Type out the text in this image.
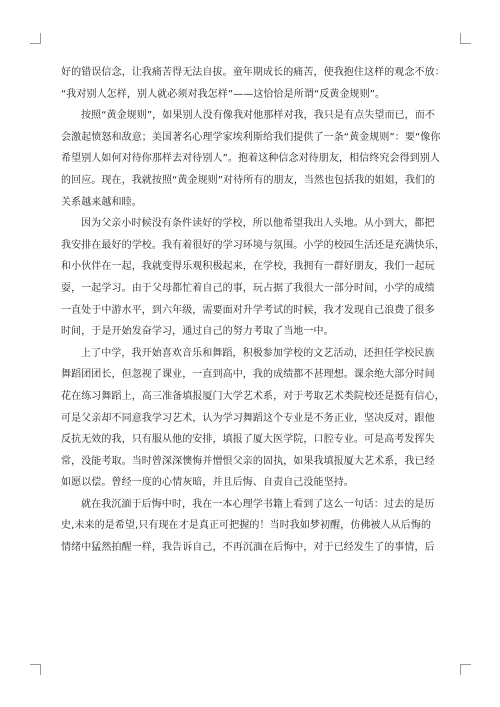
好的错误信念，让我痛苦得无法自拔。童年期成长的痛苦，使我抱住这样的观念不放：
“我对别人怎样，别人就必须对我怎样”——这恰恰是所谓“反黄金规则”。
按照“黄金规则”，如果别人没有像我对他那样对我，我只是有点失望而已，而不
会激起愤怒和敌意；美国著名心理学家埃利斯给我们提供了一条“黄金规则”：要“像你
希望别人如何对待你那样去对待别人”。抱着这种信念对待朋友，相信终究会得到别人
的回应。现在，我就按照“黄金规则”对待所有的朋友，当然也包括我的姐姐，我们的
关系越来越和睦。
因为父亲小时候没有条件读好的学校，所以他希望我出人头地。从小到大，都把
我安排在最好的学校。我有着很好的学习环境与氛围。小学的校园生活还是充满快乐，
和小伙伴在一起，我就变得乐观积极起来，在学校，我拥有一群好朋友，我们一起玩
耍，一起学习。由于父母都忙着自己的事，玩占据了我很大一部分时间，小学的成绩
一直处于中游水平，到六年级，需要面对升学考试的时候，我才发现自己浪费了很多
时间，于是开始发奋学习，通过自己的努力考取了当地一中。
上了中学，我开始喜欢音乐和舞蹈，积极参加学校的文艺活动，还担任学校民族
舞蹈团团长，但忽视了课业，一直到高中，我的成绩都不甚理想。课余绝大部分时间
花在练习舞蹈上，高三准备填报厦门大学艺术系，对于考取艺术类院校还是挺有信心，
可是父亲却不同意我学习艺术，认为学习舞蹈这个专业是不务正业，坚决反对，跟他
反抗无效的我，只有服从他的安排，填报了厦大医学院，口腔专业。可是高考发挥失
常，没能考取。当时曾深深懊悔并憎恨父亲的固执，如果我填报厦大艺术系，我已经
如愿以偿。曾经一度的心情灰暗，并且后悔、自责自己没能坚持。
就在我沉湎于后悔中时，我在一本心理学书籍上看到了这么一句话：过去的是历
史,未来的是希望,只有现在才是真正可把握的！当时我如梦初醒，仿佛被人从后悔的
情绪中猛然拍醒一样，我告诉自己，不再沉湎在后悔中，对于已经发生了的事情，后
